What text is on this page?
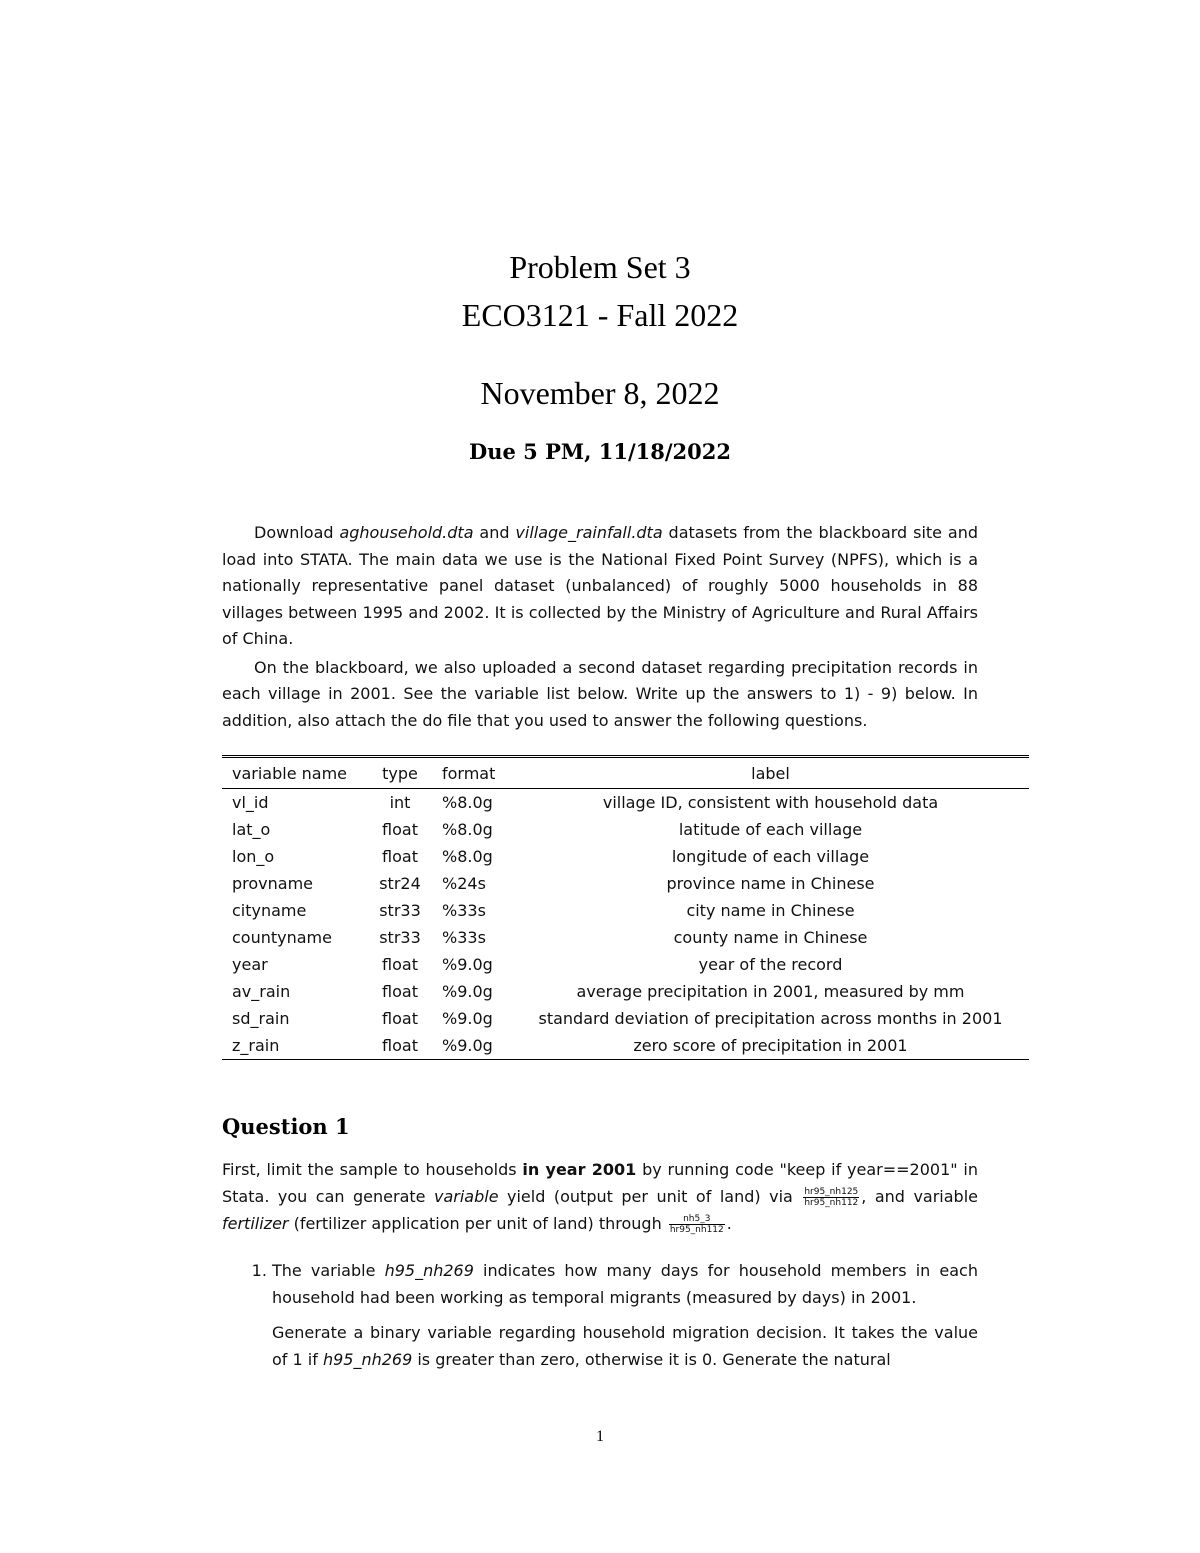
Problem Set 3
ECO3121 - Fall 2022
November 8, 2022
Due 5 PM, 11/18/2022

Download aghousehold.dta and village_rainfall.dta datasets from the blackboard site and load into STATA. The main data we use is the National Fixed Point Survey (NPFS), which is a nationally representative panel dataset (unbalanced) of roughly 5000 households in 88 villages between 1995 and 2002. It is collected by the Ministry of Agriculture and Rural Affairs of China.

On the blackboard, we also uploaded a second dataset regarding precipitation records in each village in 2001. See the variable list below. Write up the answers to 1) - 9) below. In addition, also attach the do file that you used to answer the following questions.

variable name	type	format	label
vl_id	int	%8.0g	village ID, consistent with household data
lat_o	float	%8.0g	latitude of each village
lon_o	float	%8.0g	longitude of each village
provname	str24	%24s	province name in Chinese
cityname	str33	%33s	city name in Chinese
countyname	str33	%33s	county name in Chinese
year	float	%9.0g	year of the record
av_rain	float	%9.0g	average precipitation in 2001, measured by mm
sd_rain	float	%9.0g	standard deviation of precipitation across months in 2001
z_rain	float	%9.0g	zero score of precipitation in 2001
Question 1

First, limit the sample to households in year 2001 by running code "keep if year==2001" in Stata. you can generate variable yield (output per unit of land) via $\frac{hr95\_nh125}{hr95\_nh112}$ , and variable fertilizer (fertilizer application per unit of land) through $\frac{nh5\_3}{hr95\_nh112}$ .

1. The variable h95_nh269 indicates how many days for household members in each household had been working as temporal migrants (measured by days) in 2001.

Generate a binary variable regarding household migration decision. It takes the value of 1 if h95_nh269 is greater than zero, otherwise it is 0. Generate the natural

1
